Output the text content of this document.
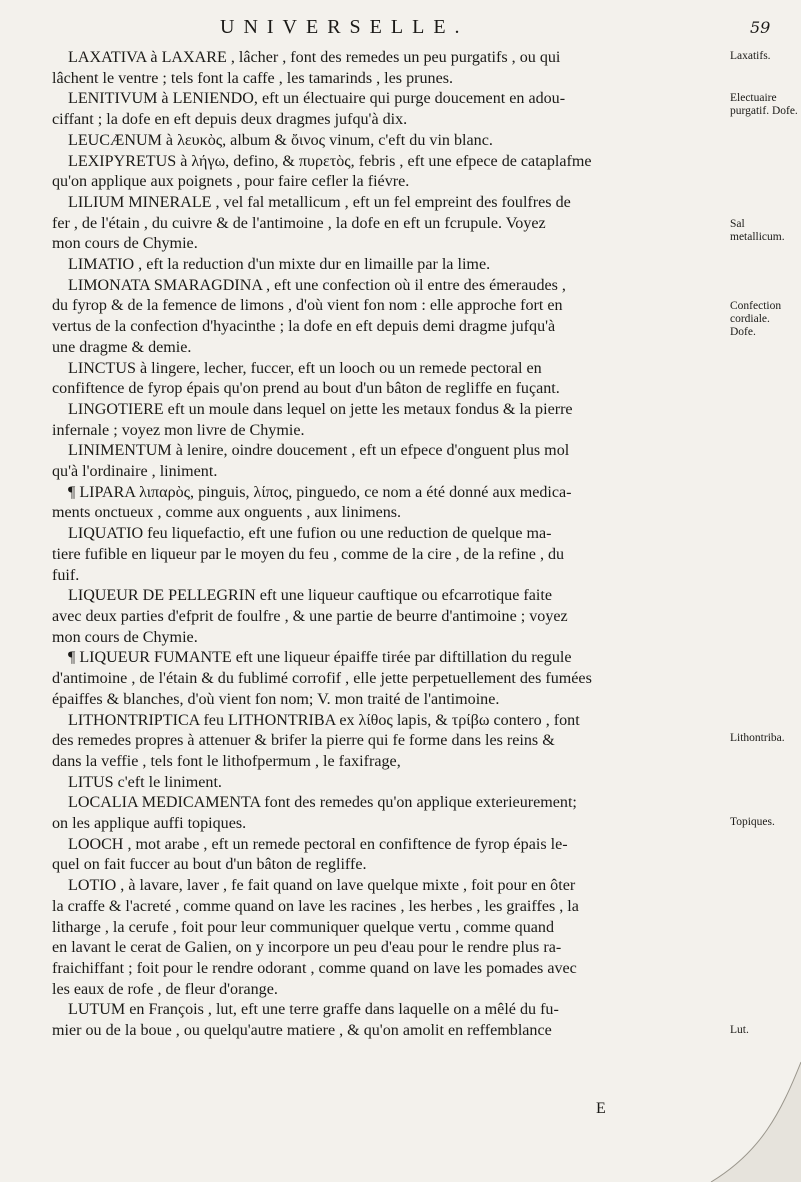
UNIVERSELLE.	59

LAXATIVA à LAXARE , lâcher , font des remedes un peu purgatifs , ou qui

lâchent le ventre ; tels font la caffe , les tamarinds , les prunes.

LENITIVUM à LENIENDO, eft un électuaire qui purge doucement en adou-

ciffant ; la dofe en eft depuis deux dragmes jufqu'à dix.

LEUCÆNUM à λευκὸς, album & ὄινος vinum, c'eft du vin blanc.

LEXIPYRETUS à λήγω, defino, & πυρετὸς, febris , eft une efpece de cataplafme

qu'on applique aux poignets , pour faire cefler la fiévre.

LILIUM MINERALE , vel fal metallicum , eft un fel empreint des foulfres de

fer , de l'étain , du cuivre & de l'antimoine , la dofe en eft un fcrupule. Voyez

mon cours de Chymie.

LIMATIO , eft la reduction d'un mixte dur en limaille par la lime.

LIMONATA SMARAGDINA , eft une confection où il entre des émeraudes ,

du fyrop & de la femence de limons , d'où vient fon nom : elle approche fort en

vertus de la confection d'hyacinthe ; la dofe en eft depuis demi dragme jufqu'à

une dragme & demie.

LINCTUS à lingere, lecher, fuccer, eft un looch ou un remede pectoral en

confiftence de fyrop épais qu'on prend au bout d'un bâton de regliffe en fuçant.

LINGOTIERE eft un moule dans lequel on jette les metaux fondus & la pierre

infernale ; voyez mon livre de Chymie.

LINIMENTUM à lenire, oindre doucement , eft un efpece d'onguent plus mol

qu'à l'ordinaire , liniment.

¶ LIPARA λιπαρὸς, pinguis, λίπος, pinguedo, ce nom a été donné aux medica-

ments onctueux , comme aux onguents , aux linimens.

LIQUATIO feu liquefactio, eft une fufion ou une reduction de quelque ma-

tiere fufible en liqueur par le moyen du feu , comme de la cire , de la refine , du

fuif.

LIQUEUR DE PELLEGRIN eft une liqueur cauftique ou efcarrotique faite

avec deux parties d'efprit de foulfre , & une partie de beurre d'antimoine ; voyez

mon cours de Chymie.

¶ LIQUEUR FUMANTE eft une liqueur épaiffe tirée par diftillation du regule

d'antimoine , de l'étain & du fublimé corrofif , elle jette perpetuellement des fumées

épaiffes & blanches, d'où vient fon nom; V. mon traité de l'antimoine.

LITHONTRIPTICA feu LITHONTRIBA ex λίθος lapis, & τρίβω contero , font

des remedes propres à attenuer & brifer la pierre qui fe forme dans les reins &

dans la veffie , tels font le lithofpermum , le faxifrage,

LITUS c'eft le liniment.

LOCALIA MEDICAMENTA font des remedes qu'on applique exterieurement;

on les applique auffi topiques.

LOOCH , mot arabe , eft un remede pectoral en confiftence de fyrop épais le-

quel on fait fuccer au bout d'un bâton de regliffe.

LOTIO , à lavare, laver , fe fait quand on lave quelque mixte , foit pour en ôter

la craffe & l'acreté , comme quand on lave les racines , les herbes , les graiffes , la

litharge , la cerufe , foit pour leur communiquer quelque vertu , comme quand

en lavant le cerat de Galien, on y incorpore un peu d'eau pour le rendre plus ra-

fraichiffant ; foit pour le rendre odorant , comme quand on lave les pomades avec

les eaux de rofe , de fleur d'orange.

LUTUM en François , lut, eft une terre graffe dans laquelle on a mêlé du fu-

mier ou de la boue , ou quelqu'autre matiere , & qu'on amolit en reffemblance

Laxatifs.
Electuaire purgatif. Dofe.
Sal metallicum.
Confection cordiale. Dofe.
Lithontriba.
Topiques.
Lut.
E
